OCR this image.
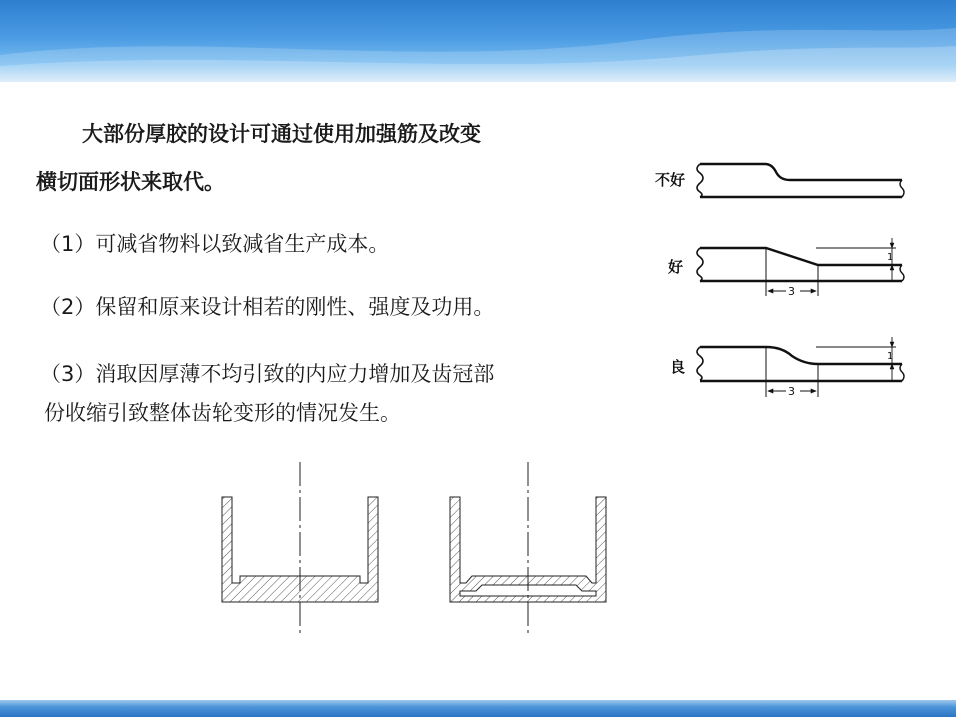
大部份厚胶的设计可通过使用加强筋及改变
横切面形状来取代。
（1）可减省物料以致减省生产成本。
（2）保留和原来设计相若的刚性、强度及功用。
（3）消取因厚薄不均引致的内应力增加及齿冠部
份收缩引致整体齿轮变形的情况发生。
不好
好
3
1
良
3
1
